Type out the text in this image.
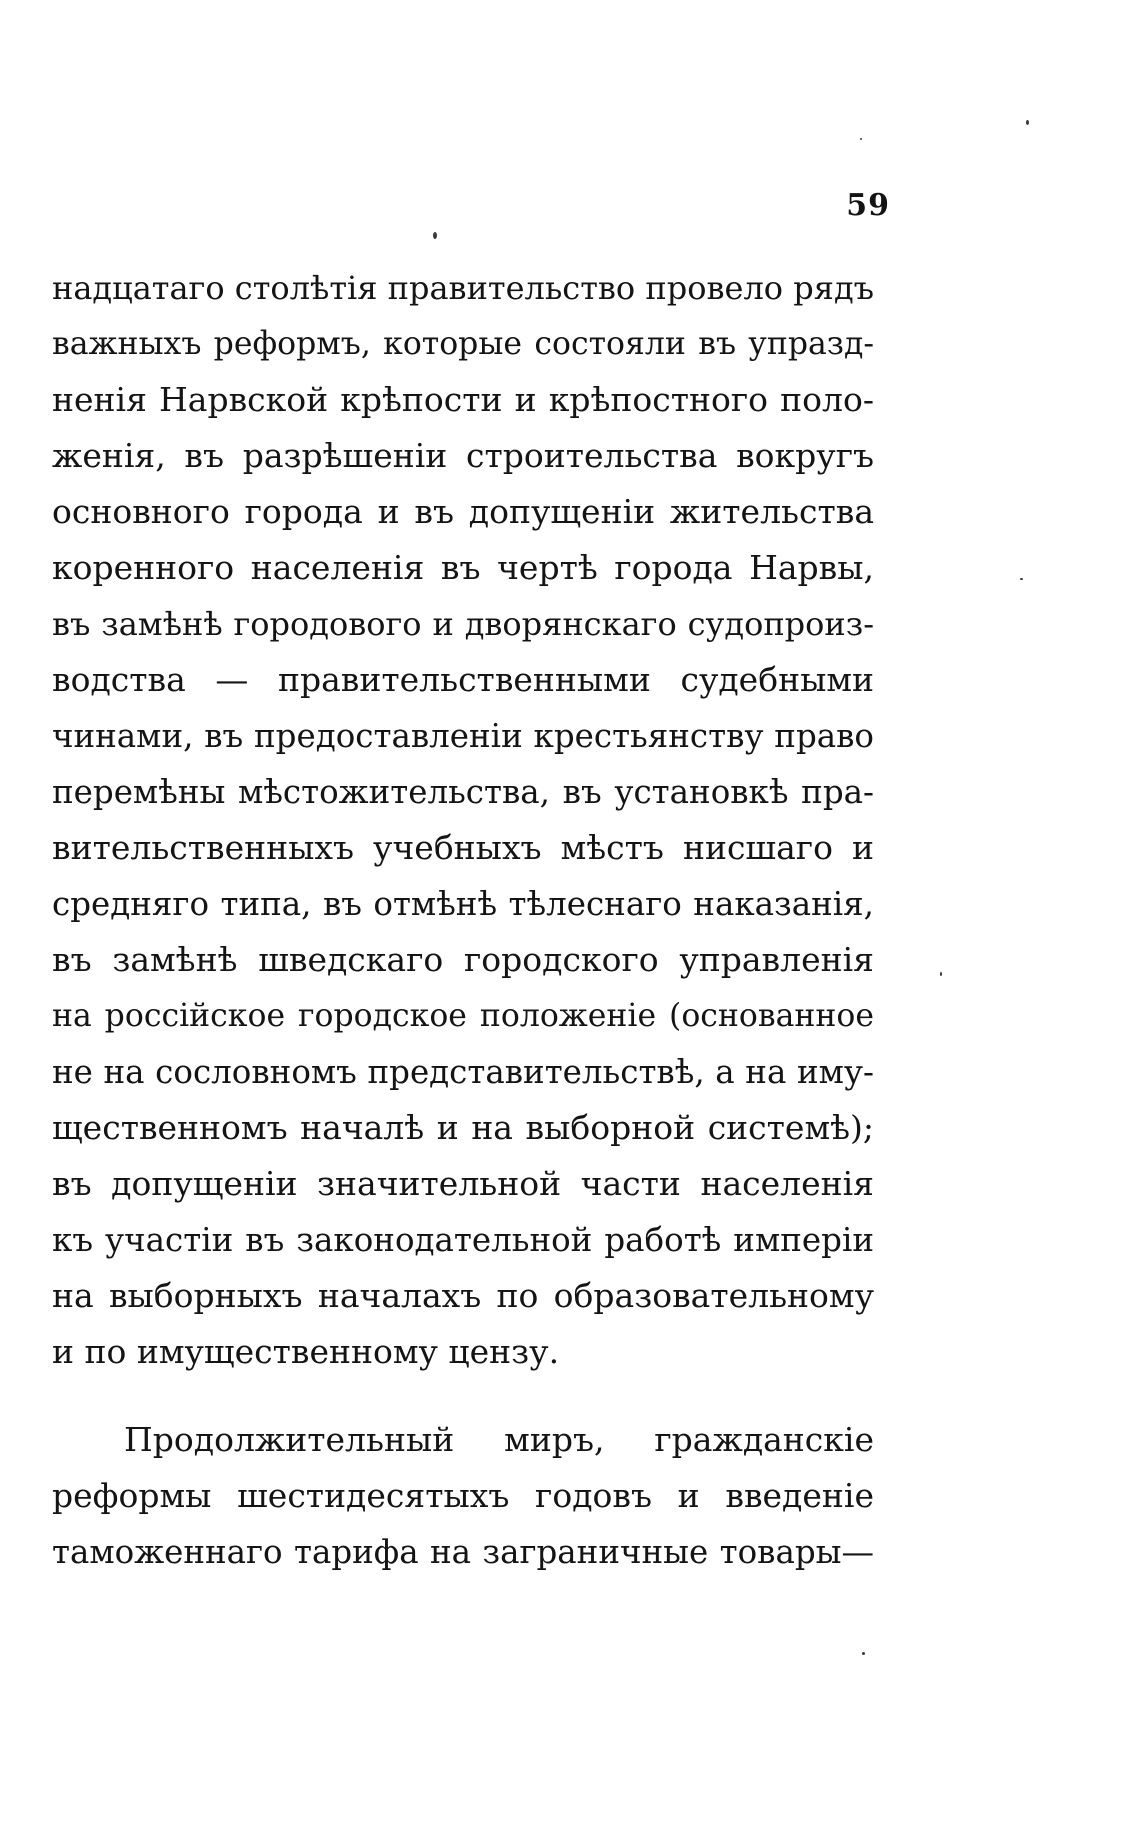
59
надцатаго столѣтія правительство провело рядъ
важныхъ реформъ, которые состояли въ упразд-
ненія Нарвской крѣпости и крѣпостного поло-
женія, въ разрѣшеніи строительства вокругъ
основного города и въ допущеніи жительства
коренного населенія въ чертѣ города Нарвы,
въ замѣнѣ городового и дворянскаго судопроиз-
водства — правительственными судебными
чинами, въ предоставленіи крестьянству право
перемѣны мѣстожительства, въ установкѣ пра-
вительственныхъ учебныхъ мѣстъ нисшаго и
средняго типа, въ отмѣнѣ тѣлеснаго наказанія,
въ замѣнѣ шведскаго городского управленія
на россійское городское положеніе (основанное
не на сословномъ представительствѣ, а на иму-
щественномъ началѣ и на выборной системѣ);
въ допущеніи значительной части населенія
къ участіи въ законодательной работѣ имперіи
на выборныхъ началахъ по образовательному
и по имущественному цензу.
Продолжительный миръ, гражданскіе
реформы шестидесятыхъ годовъ и введеніе
таможеннаго тарифа на заграничные товары—
